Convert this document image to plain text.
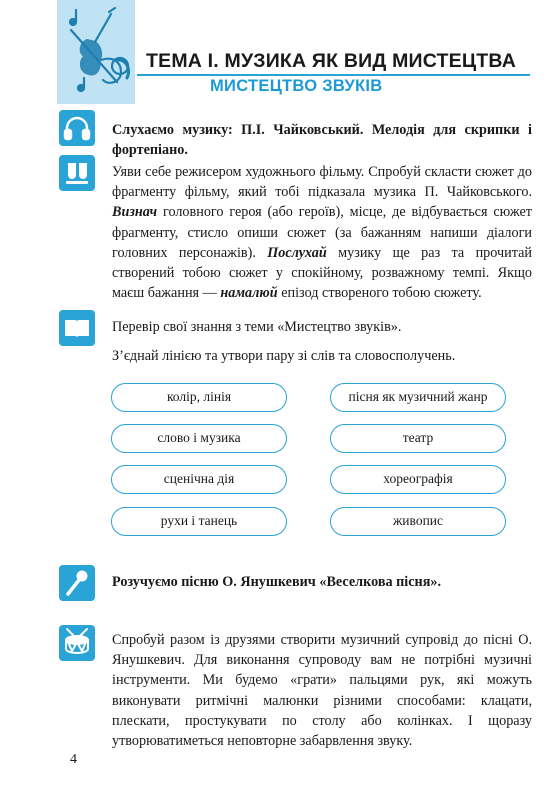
ТЕМА І. МУЗИКА ЯК ВИД МИСТЕЦТВА
МИСТЕЦТВО ЗВУКІВ
Слухаємо музику: П.І. Чайковський. Мелодія для скрипки і фортепіано.
Уяви себе режисером художнього фільму. Спробуй скласти сюжет до фрагменту фільму, який тобі підказала музика П. Чайковського. Визнач головного героя (або героїв), місце, де відбувається сюжет фрагменту, стисло опиши сюжет (за бажанням напиши діалоги головних персонажів). Послухай музику ще раз та прочитай створений тобою сюжет у спокійному, розважному темпі. Якщо маєш бажання — намалюй епізод створеного тобою сюжету.
Перевір свої знання з теми «Мистецтво звуків».
З’єднай лінією та утвори пару зі слів та словосполучень.
колір, лінія
слово і музика
сценічна дія
рухи і танець
пісня як музичний жанр
театр
хореографія
живопис
Розучуємо пісню О. Янушкевич «Веселкова пісня».
Спробуй разом із друзями створити музичний супровід до пісні О. Янушкевич. Для виконання супроводу вам не потрібні музичні інструменти. Ми будемо «грати» пальцями рук, які можуть виконувати ритмічні малюнки різними способами: клацати, плескати, простукувати по столу або колінках. І щоразу утворюватиметься неповторне забарвлення звуку.
4
